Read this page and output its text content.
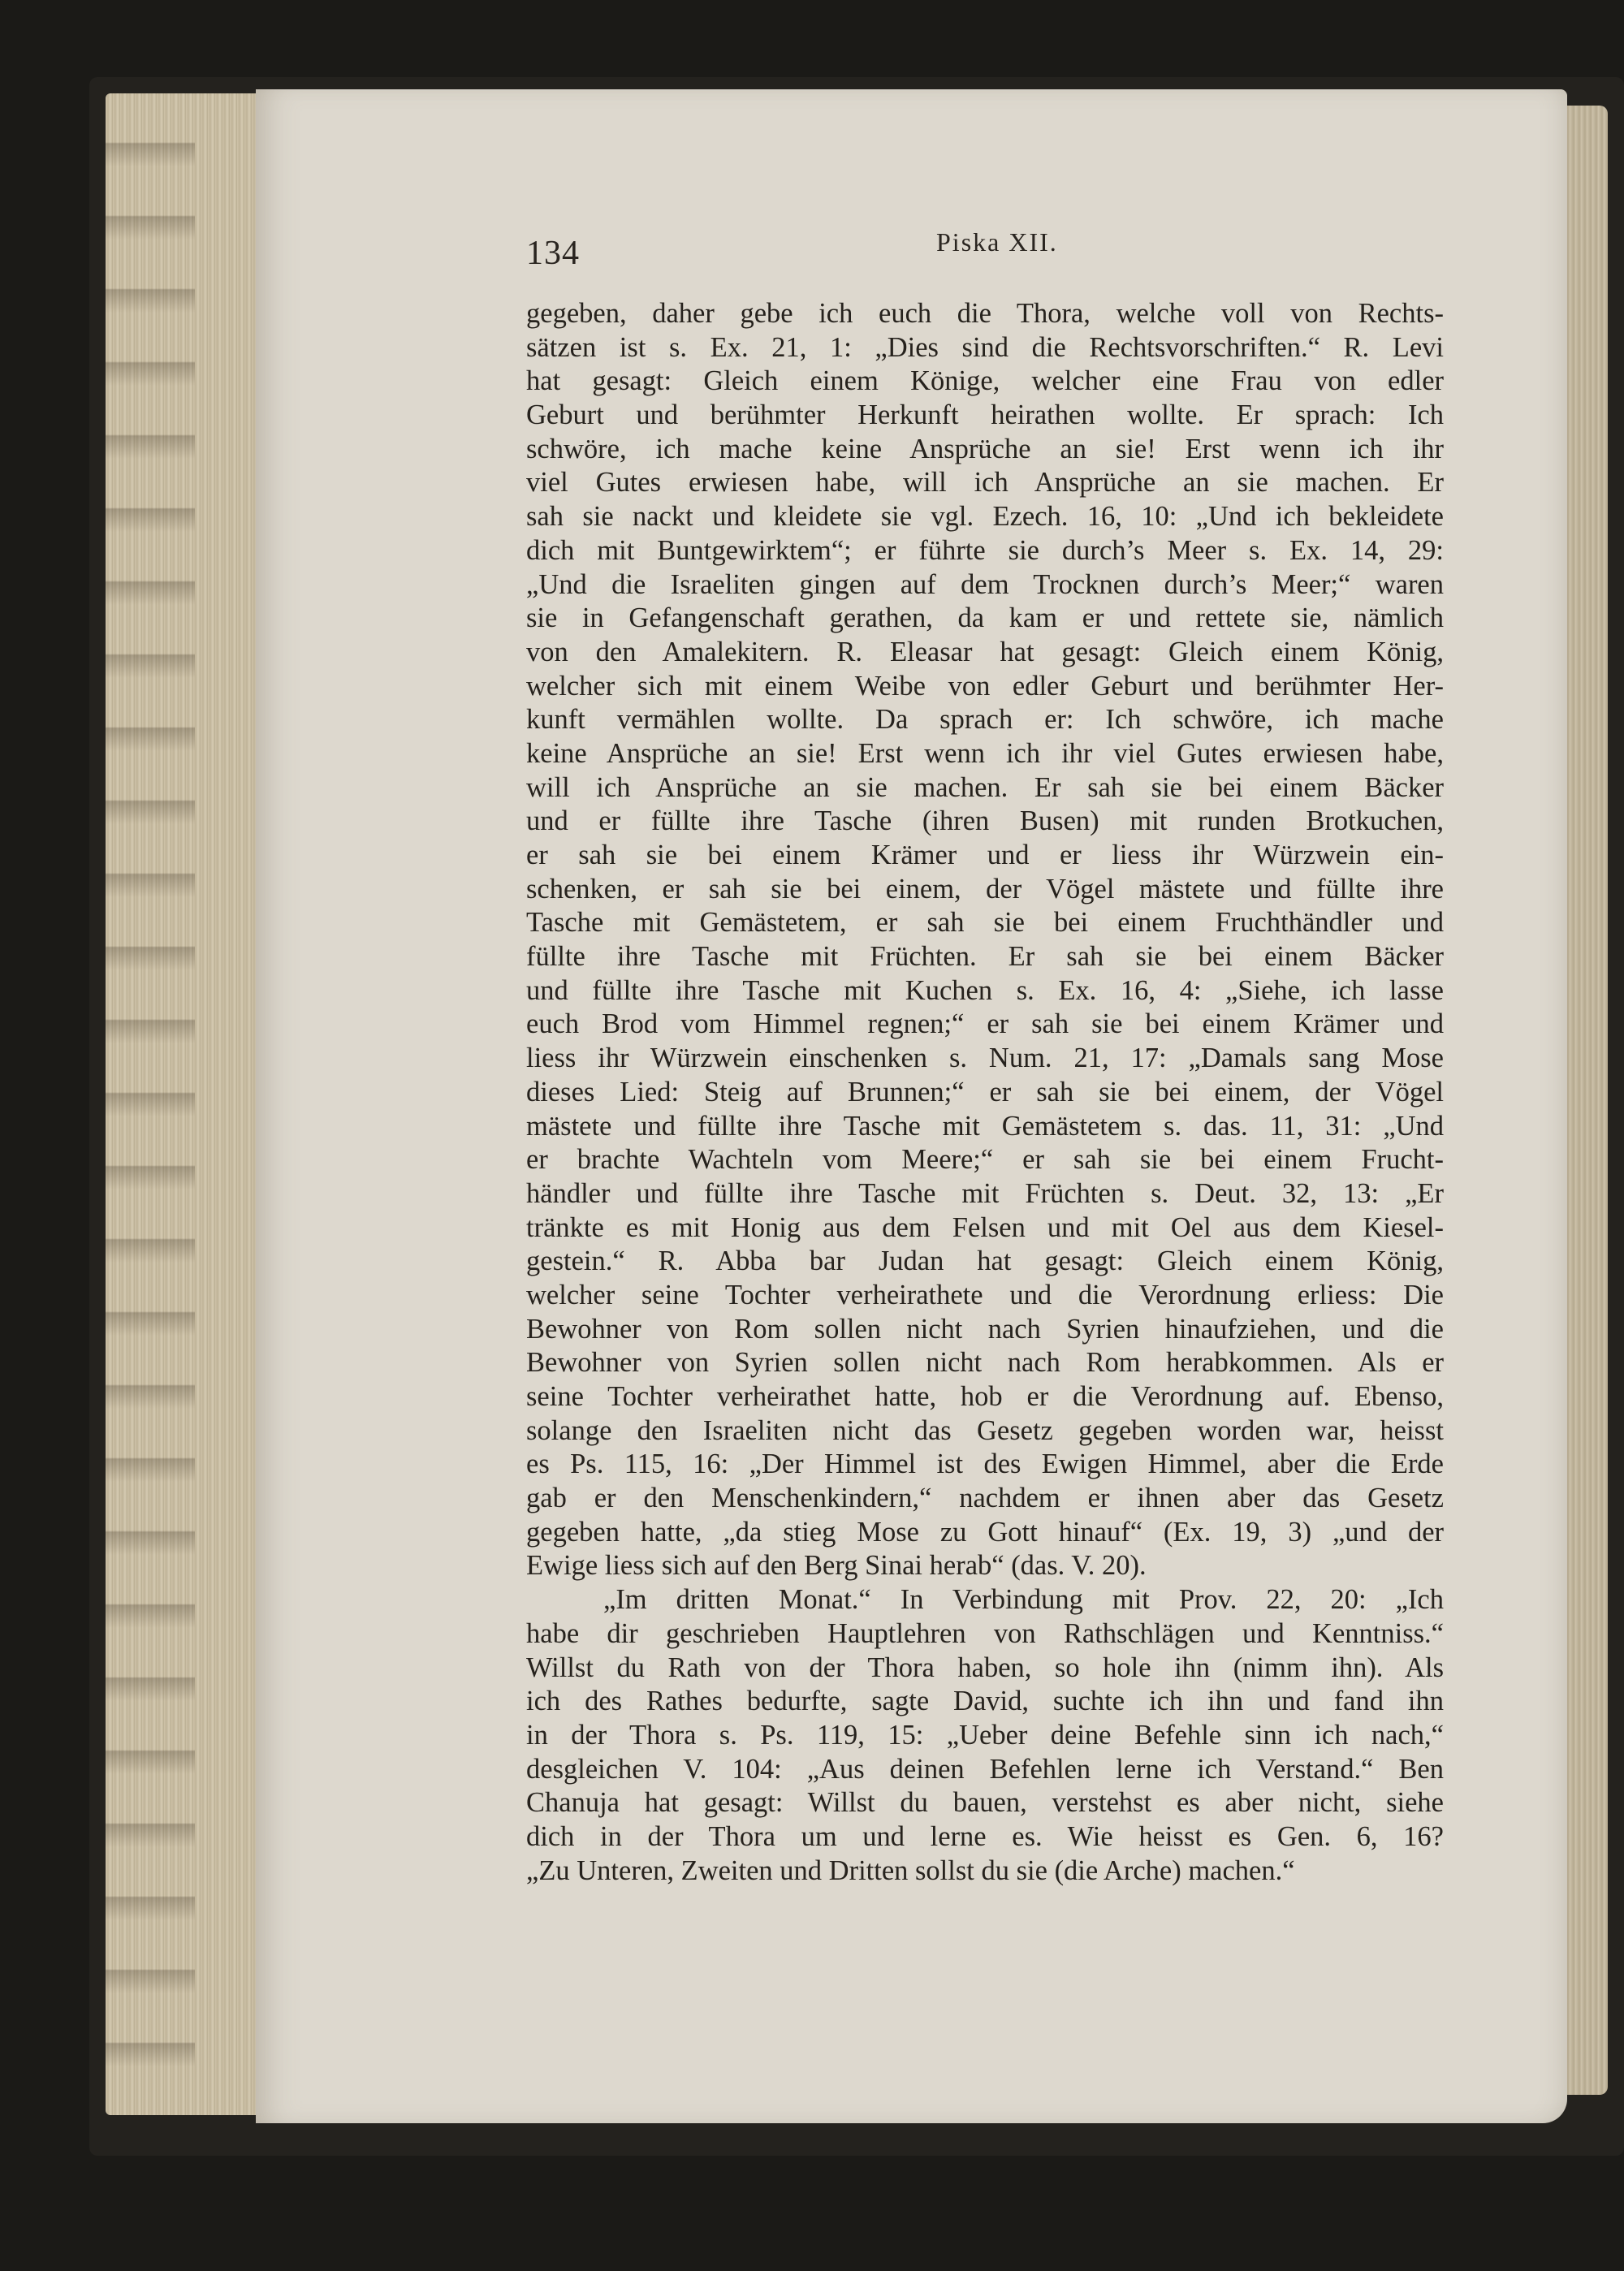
134	Piska XII.
gegeben, daher gebe ich euch die Thora, welche voll von Rechts-
sätzen ist s. Ex. 21, 1: „Dies sind die Rechtsvorschriften.“ R. Levi
hat gesagt: Gleich einem Könige, welcher eine Frau von edler
Geburt und berühmter Herkunft heirathen wollte. Er sprach: Ich
schwöre, ich mache keine Ansprüche an sie! Erst wenn ich ihr
viel Gutes erwiesen habe, will ich Ansprüche an sie machen. Er
sah sie nackt und kleidete sie vgl. Ezech. 16, 10: „Und ich bekleidete
dich mit Buntgewirktem“; er führte sie durch’s Meer s. Ex. 14, 29:
„Und die Israeliten gingen auf dem Trocknen durch’s Meer;“ waren
sie in Gefangenschaft gerathen, da kam er und rettete sie, nämlich
von den Amalekitern. R. Eleasar hat gesagt: Gleich einem König,
welcher sich mit einem Weibe von edler Geburt und berühmter Her-
kunft vermählen wollte. Da sprach er: Ich schwöre, ich mache
keine Ansprüche an sie! Erst wenn ich ihr viel Gutes erwiesen habe,
will ich Ansprüche an sie machen. Er sah sie bei einem Bäcker
und er füllte ihre Tasche (ihren Busen) mit runden Brotkuchen,
er sah sie bei einem Krämer und er liess ihr Würzwein ein-
schenken, er sah sie bei einem, der Vögel mästete und füllte ihre
Tasche mit Gemästetem, er sah sie bei einem Fruchthändler und
füllte ihre Tasche mit Früchten. Er sah sie bei einem Bäcker
und füllte ihre Tasche mit Kuchen s. Ex. 16, 4: „Siehe, ich lasse
euch Brod vom Himmel regnen;“ er sah sie bei einem Krämer und
liess ihr Würzwein einschenken s. Num. 21, 17: „Damals sang Mose
dieses Lied: Steig auf Brunnen;“ er sah sie bei einem, der Vögel
mästete und füllte ihre Tasche mit Gemästetem s. das. 11, 31: „Und
er brachte Wachteln vom Meere;“ er sah sie bei einem Frucht-
händler und füllte ihre Tasche mit Früchten s. Deut. 32, 13: „Er
tränkte es mit Honig aus dem Felsen und mit Oel aus dem Kiesel-
gestein.“ R. Abba bar Judan hat gesagt: Gleich einem König,
welcher seine Tochter verheirathete und die Verordnung erliess: Die
Bewohner von Rom sollen nicht nach Syrien hinaufziehen, und die
Bewohner von Syrien sollen nicht nach Rom herabkommen. Als er
seine Tochter verheirathet hatte, hob er die Verordnung auf. Ebenso,
solange den Israeliten nicht das Gesetz gegeben worden war, heisst
es Ps. 115, 16: „Der Himmel ist des Ewigen Himmel, aber die Erde
gab er den Menschenkindern,“ nachdem er ihnen aber das Gesetz
gegeben hatte, „da stieg Mose zu Gott hinauf“ (Ex. 19, 3) „und der
Ewige liess sich auf den Berg Sinai herab“ (das. V. 20).
„Im dritten Monat.“ In Verbindung mit Prov. 22, 20: „Ich
habe dir geschrieben Hauptlehren von Rathschlägen und Kenntniss.“
Willst du Rath von der Thora haben, so hole ihn (nimm ihn). Als
ich des Rathes bedurfte, sagte David, suchte ich ihn und fand ihn
in der Thora s. Ps. 119, 15: „Ueber deine Befehle sinn ich nach,“
desgleichen V. 104: „Aus deinen Befehlen lerne ich Verstand.“ Ben
Chanuja hat gesagt: Willst du bauen, verstehst es aber nicht, siehe
dich in der Thora um und lerne es. Wie heisst es Gen. 6, 16?
„Zu Unteren, Zweiten und Dritten sollst du sie (die Arche) machen.“
